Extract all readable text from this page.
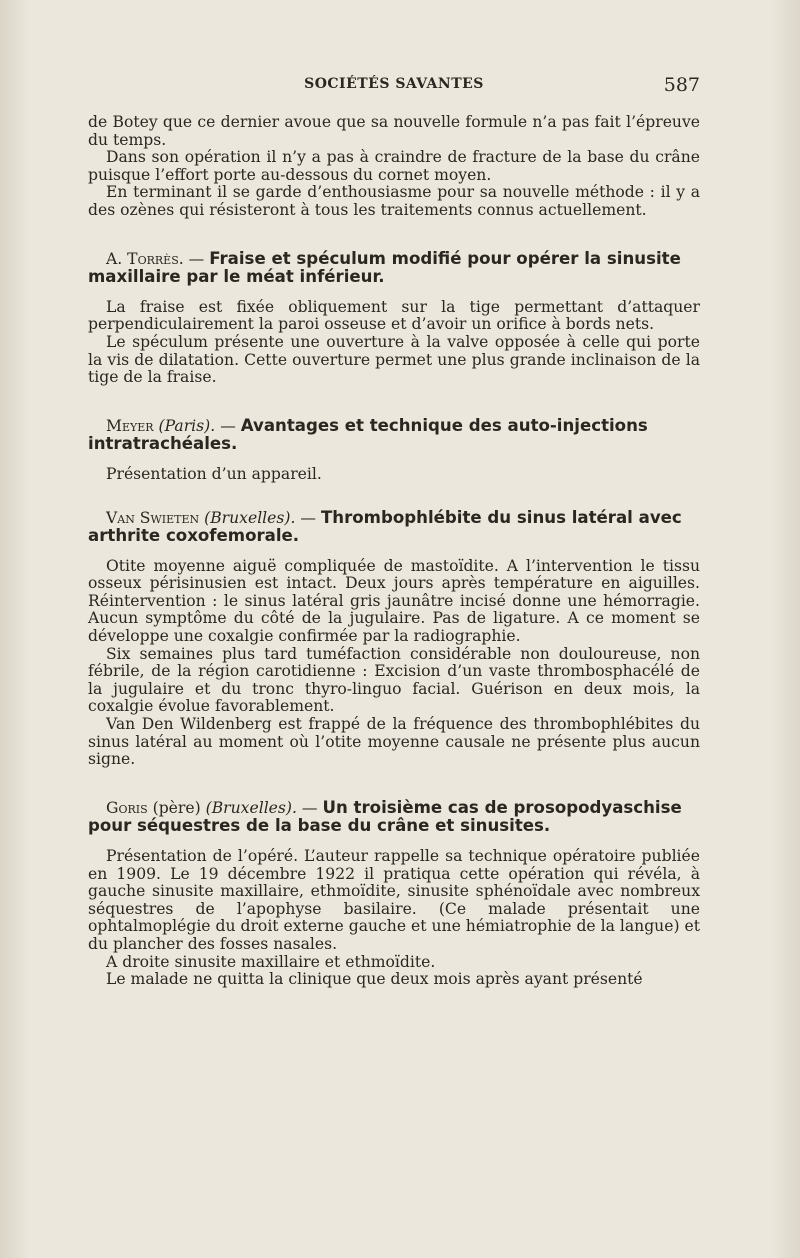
SOCIÉTÉS SAVANTES	587

de Botey que ce dernier avoue que sa nouvelle formule n’a pas fait l’épreuve du temps.

Dans son opération il n’y a pas à craindre de fracture de la base du crâne puisque l’effort porte au-dessous du cornet moyen.

En terminant il se garde d’enthousiasme pour sa nouvelle méthode : il y a des ozènes qui résisteront à tous les traitements connus actuellement.

A. Torrès. — Fraise et spéculum modifié pour opérer la sinusite maxillaire par le méat inférieur.

La fraise est fixée obliquement sur la tige permettant d’attaquer perpendiculairement la paroi osseuse et d’avoir un orifice à bords nets.

Le spéculum présente une ouverture à la valve opposée à celle qui porte la vis de dilatation. Cette ouverture permet une plus grande inclinaison de la tige de la fraise.

Meyer (Paris). — Avantages et technique des auto-injections intratrachéales.

Présentation d’un appareil.

Van Swieten (Bruxelles). — Thrombophlébite du sinus latéral avec arthrite coxofemorale.

Otite moyenne aiguë compliquée de mastoïdite. A l’intervention le tissu osseux périsinusien est intact. Deux jours après température en aiguilles. Réintervention : le sinus latéral gris jaunâtre incisé donne une hémorragie. Aucun symptôme du côté de la jugulaire. Pas de ligature. A ce moment se développe une coxalgie confirmée par la radiographie.

Six semaines plus tard tuméfaction considérable non douloureuse, non fébrile, de la région carotidienne : Excision d’un vaste thrombosphacélé de la jugulaire et du tronc thyro-linguo facial. Guérison en deux mois, la coxalgie évolue favorablement.

Van Den Wildenberg est frappé de la fréquence des thrombophlébites du sinus latéral au moment où l’otite moyenne causale ne présente plus aucun signe.

Goris (père) (Bruxelles). — Un troisième cas de prosopodyaschise pour séquestres de la base du crâne et sinusites.

Présentation de l’opéré. L’auteur rappelle sa technique opératoire publiée en 1909. Le 19 décembre 1922 il pratiqua cette opération qui révéla, à gauche sinusite maxillaire, ethmoïdite, sinusite sphénoïdale avec nombreux séquestres de l’apophyse basilaire. (Ce malade présentait une ophtalmoplégie du droit externe gauche et une hémiatrophie de la langue) et du plancher des fosses nasales.

A droite sinusite maxillaire et ethmoïdite.

Le malade ne quitta la clinique que deux mois après ayant présenté
